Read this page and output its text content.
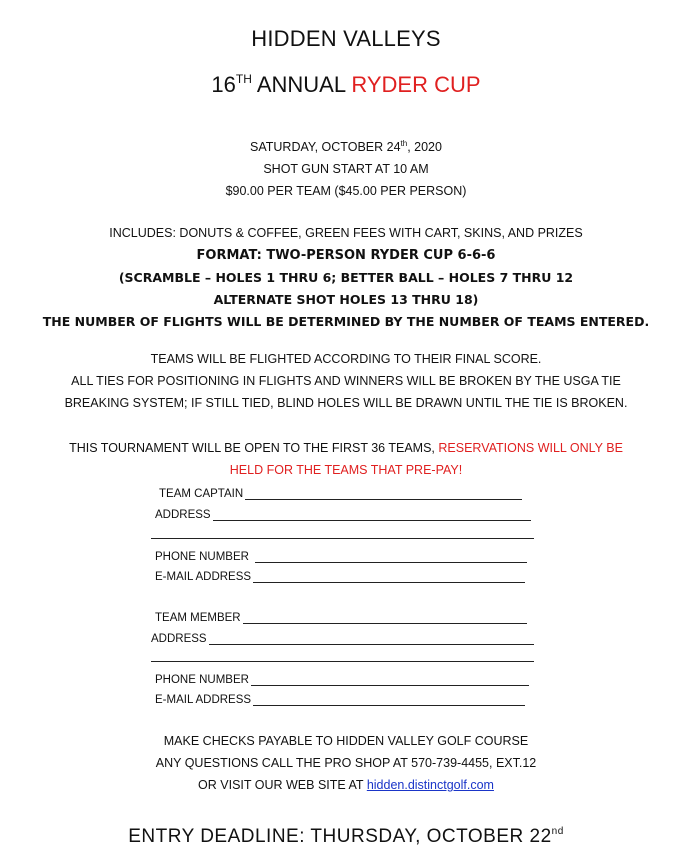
HIDDEN VALLEYS
16TH ANNUAL RYDER CUP
SATURDAY, OCTOBER 24th, 2020
SHOT GUN START AT 10 AM
$90.00 PER TEAM ($45.00 PER PERSON)
INCLUDES: DONUTS & COFFEE, GREEN FEES WITH CART, SKINS, AND PRIZES
FORMAT: TWO-PERSON RYDER CUP 6-6-6
(SCRAMBLE – HOLES 1 THRU 6; BETTER BALL – HOLES 7 THRU 12
ALTERNATE SHOT HOLES 13 THRU 18)
THE NUMBER OF FLIGHTS WILL BE DETERMINED BY THE NUMBER OF TEAMS ENTERED.
TEAMS WILL BE FLIGHTED ACCORDING TO THEIR FINAL SCORE.
ALL TIES FOR POSITIONING IN FLIGHTS AND WINNERS WILL BE BROKEN BY THE USGA TIE
BREAKING SYSTEM; IF STILL TIED, BLIND HOLES WILL BE DRAWN UNTIL THE TIE IS BROKEN.
THIS TOURNAMENT WILL BE OPEN TO THE FIRST 36 TEAMS, RESERVATIONS WILL ONLY BE
HELD FOR THE TEAMS THAT PRE-PAY!
TEAM CAPTAIN
ADDRESS
PHONE NUMBER
E-MAIL ADDRESS
TEAM MEMBER
ADDRESS
PHONE NUMBER
E-MAIL ADDRESS
MAKE CHECKS PAYABLE TO HIDDEN VALLEY GOLF COURSE
ANY QUESTIONS CALL THE PRO SHOP AT 570-739-4455, EXT.12
OR VISIT OUR WEB SITE AT hidden.distinctgolf.com
ENTRY DEADLINE: THURSDAY, OCTOBER 22nd
